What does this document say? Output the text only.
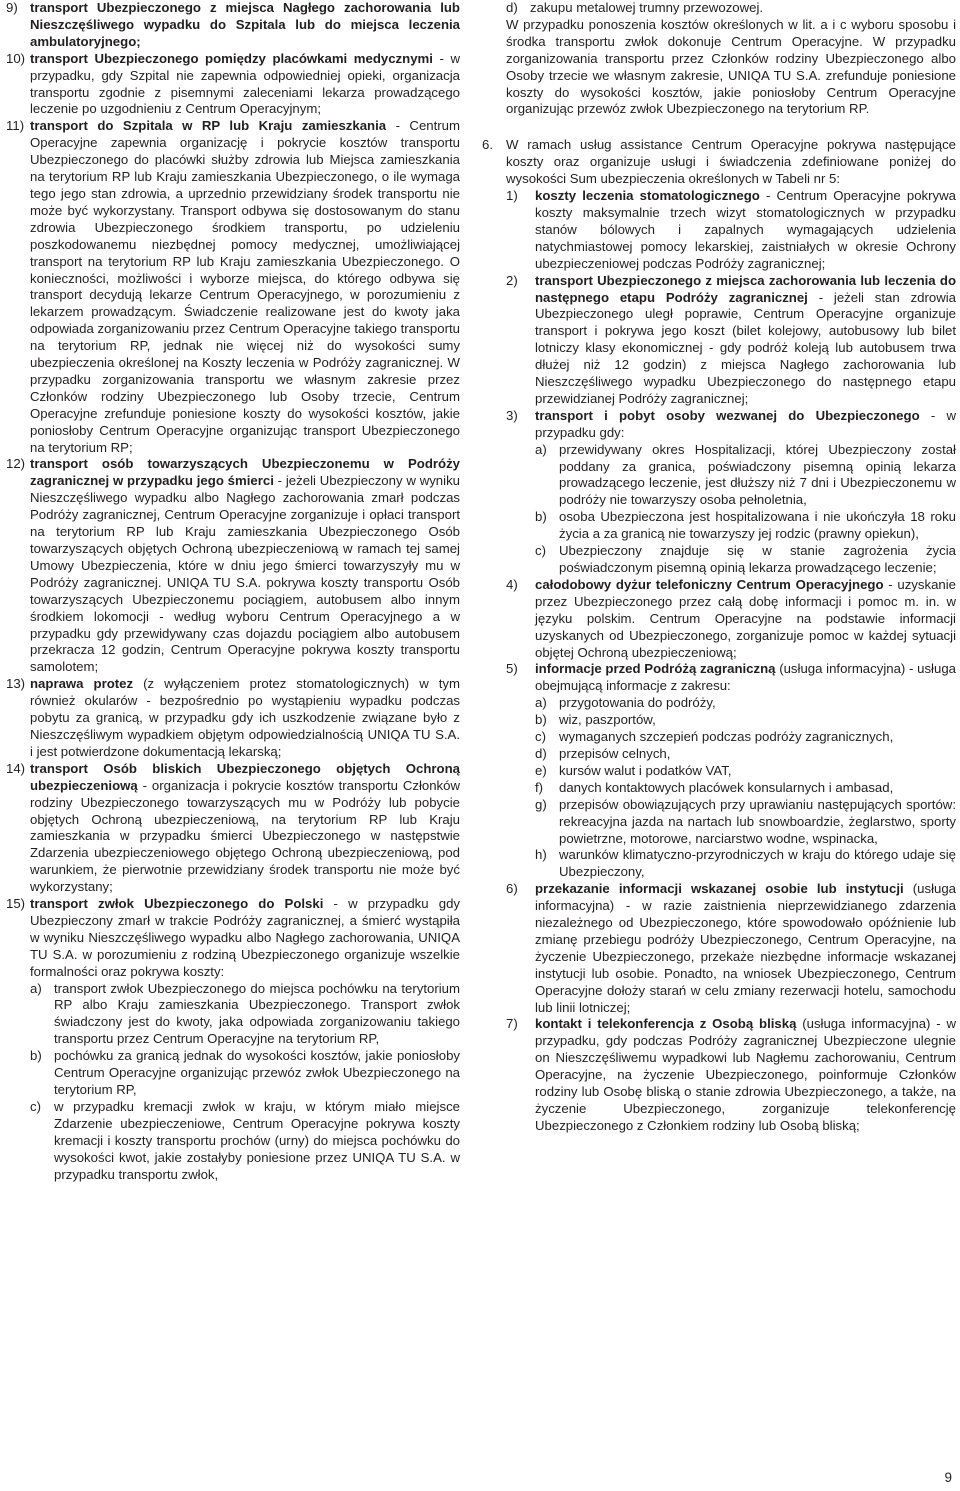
9) transport Ubezpieczonego z miejsca Nagłego zachorowania lub Nieszczęśliwego wypadku do Szpitala lub do miejsca leczenia ambulatoryjnego;

10) transport Ubezpieczonego pomiędzy placówkami medycznymi - w przypadku, gdy Szpital nie zapewnia odpowiedniej opieki, organizacja transportu zgodnie z pisemnymi zaleceniami lekarza prowadzącego leczenie po uzgodnieniu z Centrum Operacyjnym;

11) transport do Szpitala w RP lub Kraju zamieszkania - Centrum Operacyjne zapewnia organizację i pokrycie kosztów transportu Ubezpieczonego do placówki służby zdrowia lub Miejsca zamieszkania na terytorium RP lub Kraju zamieszkania Ubezpieczonego, o ile wymaga tego jego stan zdrowia, a uprzednio przewidziany środek transportu nie może być wykorzystany. Transport odbywa się dostosowanym do stanu zdrowia Ubezpieczonego środkiem transportu, po udzieleniu poszkodowanemu niezbędnej pomocy medycznej, umożliwiającej transport na terytorium RP lub Kraju zamieszkania Ubezpieczonego. O konieczności, możliwości i wyborze miejsca, do którego odbywa się transport decydują lekarze Centrum Operacyjnego, w porozumieniu z lekarzem prowadzącym. Świadczenie realizowane jest do kwoty jaka odpowiada zorganizowaniu przez Centrum Operacyjne takiego transportu na terytorium RP, jednak nie więcej niż do wysokości sumy ubezpieczenia określonej na Koszty leczenia w Podróży zagranicznej. W przypadku zorganizowania transportu we własnym zakresie przez Członków rodziny Ubezpieczonego lub Osoby trzecie, Centrum Operacyjne zrefunduje poniesione koszty do wysokości kosztów, jakie poniosłoby Centrum Operacyjne organizując transport Ubezpieczonego na terytorium RP;

12) transport osób towarzyszących Ubezpieczonemu w Podróży zagranicznej w przypadku jego śmierci - jeżeli Ubezpieczony w wyniku Nieszczęśliwego wypadku albo Nagłego zachorowania zmarł podczas Podróży zagranicznej, Centrum Operacyjne zorganizuje i opłaci transport na terytorium RP lub Kraju zamieszkania Ubezpieczonego Osób towarzyszących objętych Ochroną ubezpieczeniową w ramach tej samej Umowy Ubezpieczenia, które w dniu jego śmierci towarzyszyły mu w Podróży zagranicznej. UNIQA TU S.A. pokrywa koszty transportu Osób towarzyszących Ubezpieczonemu pociągiem, autobusem albo innym środkiem lokomocji - według wyboru Centrum Operacyjnego a w przypadku gdy przewidywany czas dojazdu pociągiem albo autobusem przekracza 12 godzin, Centrum Operacyjne pokrywa koszty transportu samolotem;

13) naprawa protez (z wyłączeniem protez stomatologicznych) w tym również okularów - bezpośrednio po wystąpieniu wypadku podczas pobytu za granicą, w przypadku gdy ich uszkodzenie związane było z Nieszczęśliwym wypadkiem objętym odpowiedzialnością UNIQA TU S.A. i jest potwierdzone dokumentacją lekarską;

14) transport Osób bliskich Ubezpieczonego objętych Ochroną ubezpieczeniową - organizacja i pokrycie kosztów transportu Członków rodziny Ubezpieczonego towarzyszących mu w Podróży lub pobycie objętych Ochroną ubezpieczeniową, na terytorium RP lub Kraju zamieszkania w przypadku śmierci Ubezpieczonego w następstwie Zdarzenia ubezpieczeniowego objętego Ochroną ubezpieczeniową, pod warunkiem, że pierwotnie przewidziany środek transportu nie może być wykorzystany;

15) transport zwłok Ubezpieczonego do Polski - w przypadku gdy Ubezpieczony zmarł w trakcie Podróży zagranicznej, a śmierć wystąpiła w wyniku Nieszczęśliwego wypadku albo Nagłego zachorowania, UNIQA TU S.A. w porozumieniu z rodziną Ubezpieczonego organizuje wszelkie formalności oraz pokrywa koszty:

a) transport zwłok Ubezpieczonego do miejsca pochówku na terytorium RP albo Kraju zamieszkania Ubezpieczonego. Transport zwłok świadczony jest do kwoty, jaka odpowiada zorganizowaniu takiego transportu przez Centrum Operacyjne na terytorium RP,

b) pochówku za granicą jednak do wysokości kosztów, jakie poniosłoby Centrum Operacyjne organizując przewóz zwłok Ubezpieczonego na terytorium RP,

c) w przypadku kremacji zwłok w kraju, w którym miało miejsce Zdarzenie ubezpieczeniowe, Centrum Operacyjne pokrywa koszty kremacji i koszty transportu prochów (urny) do miejsca pochówku do wysokości kwot, jakie zostałyby poniesione przez UNIQA TU S.A. w przypadku transportu zwłok,

d) zakupu metalowej trumny przewozowej.

W przypadku ponoszenia kosztów określonych w lit. a i c wyboru sposobu i środka transportu zwłok dokonuje Centrum Operacyjne. W przypadku zorganizowania transportu przez Członków rodziny Ubezpieczonego albo Osoby trzecie we własnym zakresie, UNIQA TU S.A. zrefunduje poniesione koszty do wysokości kosztów, jakie poniosłoby Centrum Operacyjne organizując przewóz zwłok Ubezpieczonego na terytorium RP.

6. W ramach usług assistance Centrum Operacyjne pokrywa następujące koszty oraz organizuje usługi i świadczenia zdefiniowane poniżej do wysokości Sum ubezpieczenia określonych w Tabeli nr 5:

1) koszty leczenia stomatologicznego - Centrum Operacyjne pokrywa koszty maksymalnie trzech wizyt stomatologicznych w przypadku stanów bólowych i zapalnych wymagających udzielenia natychmiastowej pomocy lekarskiej, zaistniałych w okresie Ochrony ubezpieczeniowej podczas Podróży zagranicznej;

2) transport Ubezpieczonego z miejsca zachorowania lub leczenia do następnego etapu Podróży zagranicznej - jeżeli stan zdrowia Ubezpieczonego uległ poprawie, Centrum Operacyjne organizuje transport i pokrywa jego koszt (bilet kolejowy, autobusowy lub bilet lotniczy klasy ekonomicznej - gdy podróż koleją lub autobusem trwa dłużej niż 12 godzin) z miejsca Nagłego zachorowania lub Nieszczęśliwego wypadku Ubezpieczonego do następnego etapu przewidzianej Podróży zagranicznej;

3) transport i pobyt osoby wezwanej do Ubezpieczonego - w przypadku gdy:

a) przewidywany okres Hospitalizacji, której Ubezpieczony został poddany za granica, poświadczony pisemną opinią lekarza prowadzącego leczenie, jest dłuższy niż 7 dni i Ubezpieczonemu w podróży nie towarzyszy osoba pełnoletnia,

b) osoba Ubezpieczona jest hospitalizowana i nie ukończyła 18 roku życia a za granicą nie towarzyszy jej rodzic (prawny opiekun),

c) Ubezpieczony znajduje się w stanie zagrożenia życia poświadczonym pisemną opinią lekarza prowadzącego leczenie;

4) całodobowy dyżur telefoniczny Centrum Operacyjnego - uzyskanie przez Ubezpieczonego przez całą dobę informacji i pomoc m. in. w języku polskim. Centrum Operacyjne na podstawie informacji uzyskanych od Ubezpieczonego, zorganizuje pomoc w każdej sytuacji objętej Ochroną ubezpieczeniową;

5) informacje przed Podróżą zagraniczną (usługa informacyjna) - usługa obejmującą informacje z zakresu:

a) przygotowania do podróży,

b) wiz, paszportów,

c) wymaganych szczepień podczas podróży zagranicznych,

d) przepisów celnych,

e) kursów walut i podatków VAT,

f) danych kontaktowych placówek konsularnych i ambasad,

g) przepisów obowiązujących przy uprawianiu następujących sportów: rekreacyjna jazda na nartach lub snowboardzie, żeglarstwo, sporty powietrzne, motorowe, narciarstwo wodne, wspinacka,

h) warunków klimatyczno-przyrodniczych w kraju do którego udaje się Ubezpieczony,

6) przekazanie informacji wskazanej osobie lub instytucji (usługa informacyjna) - w razie zaistnienia nieprzewidzianego zdarzenia niezależnego od Ubezpieczonego, które spowodowało opóźnienie lub zmianę przebiegu podróży Ubezpieczonego, Centrum Operacyjne, na życzenie Ubezpieczonego, przekaże niezbędne informacje wskazanej instytucji lub osobie. Ponadto, na wniosek Ubezpieczonego, Centrum Operacyjne dołoży starań w celu zmiany rezerwacji hotelu, samochodu lub linii lotniczej;

7) kontakt i telekonferencja z Osobą bliską (usługa informacyjna) - w przypadku, gdy podczas Podróży zagranicznej Ubezpieczone ulegnie on Nieszczęśliwemu wypadkowi lub Nagłemu zachorowaniu, Centrum Operacyjne, na życzenie Ubezpieczonego, poinformuje Członków rodziny lub Osobę bliską o stanie zdrowia Ubezpieczonego, a także, na życzenie Ubezpieczonego, zorganizuje telekonferencję Ubezpieczonego z Członkiem rodziny lub Osobą bliską;

9
